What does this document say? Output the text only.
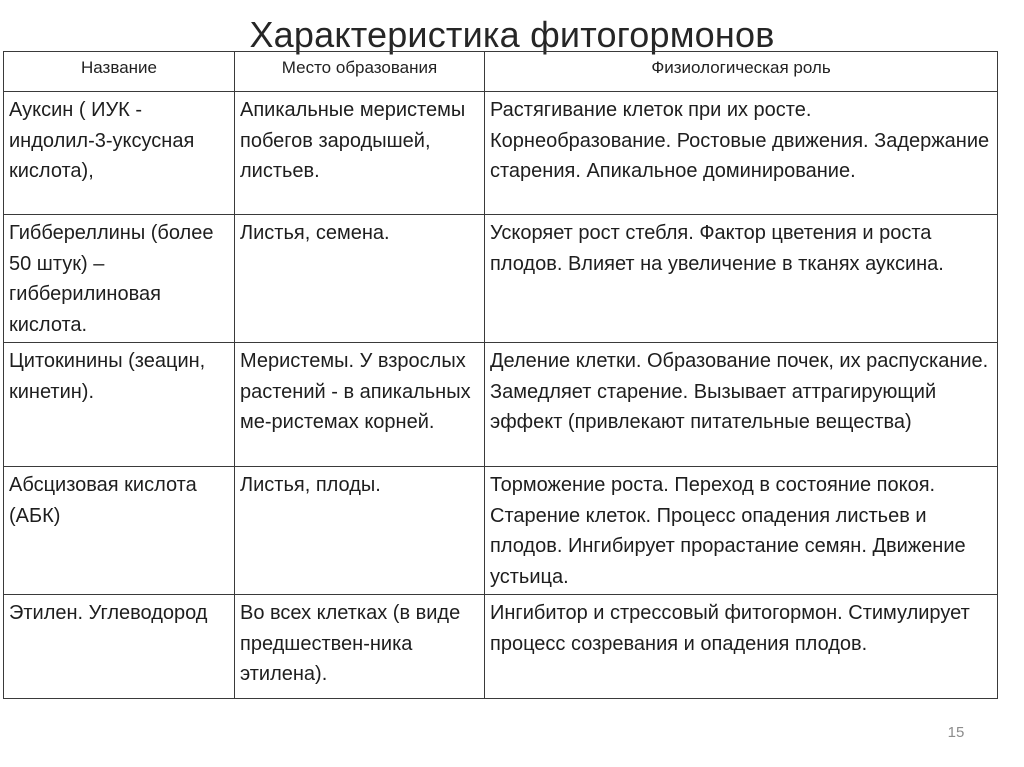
Характеристика фитогормонов
Название	Место образования	Физиологическая роль
Ауксин ( ИУК - индолил-3-уксусная кислота),	Апикальные меристемы побегов зародышей, листьев.	Растягивание клеток при их росте. Корнеобразование. Ростовые движения. Задержание старения. Апикальное доминирование.
Гиббереллины (более 50 штук) – гибберилиновая кислота.	Листья, семена.	Ускоряет рост стебля. Фактор цветения и роста плодов. Влияет на увеличение в тканях ауксина.
Цитокинины (зеацин, кинетин).	Меристемы. У взрослых растений - в апикальных ме-ристемах корней.	Деление клетки. Образование почек, их распускание. Замедляет старение. Вызывает аттрагирующий эффект (привлекают питательные вещества)
Абсцизовая кислота (АБК)	Листья, плоды.	Торможение роста. Переход в состояние покоя. Старение клеток. Процесс опадения листьев и плодов. Ингибирует прорастание семян. Движение устьица.
Этилен. Углеводород	Во всех клетках (в виде предшествен-ника этилена).	Ингибитор и стрессовый фитогормон. Стимулирует процесс созревания и опадения плодов.
15
